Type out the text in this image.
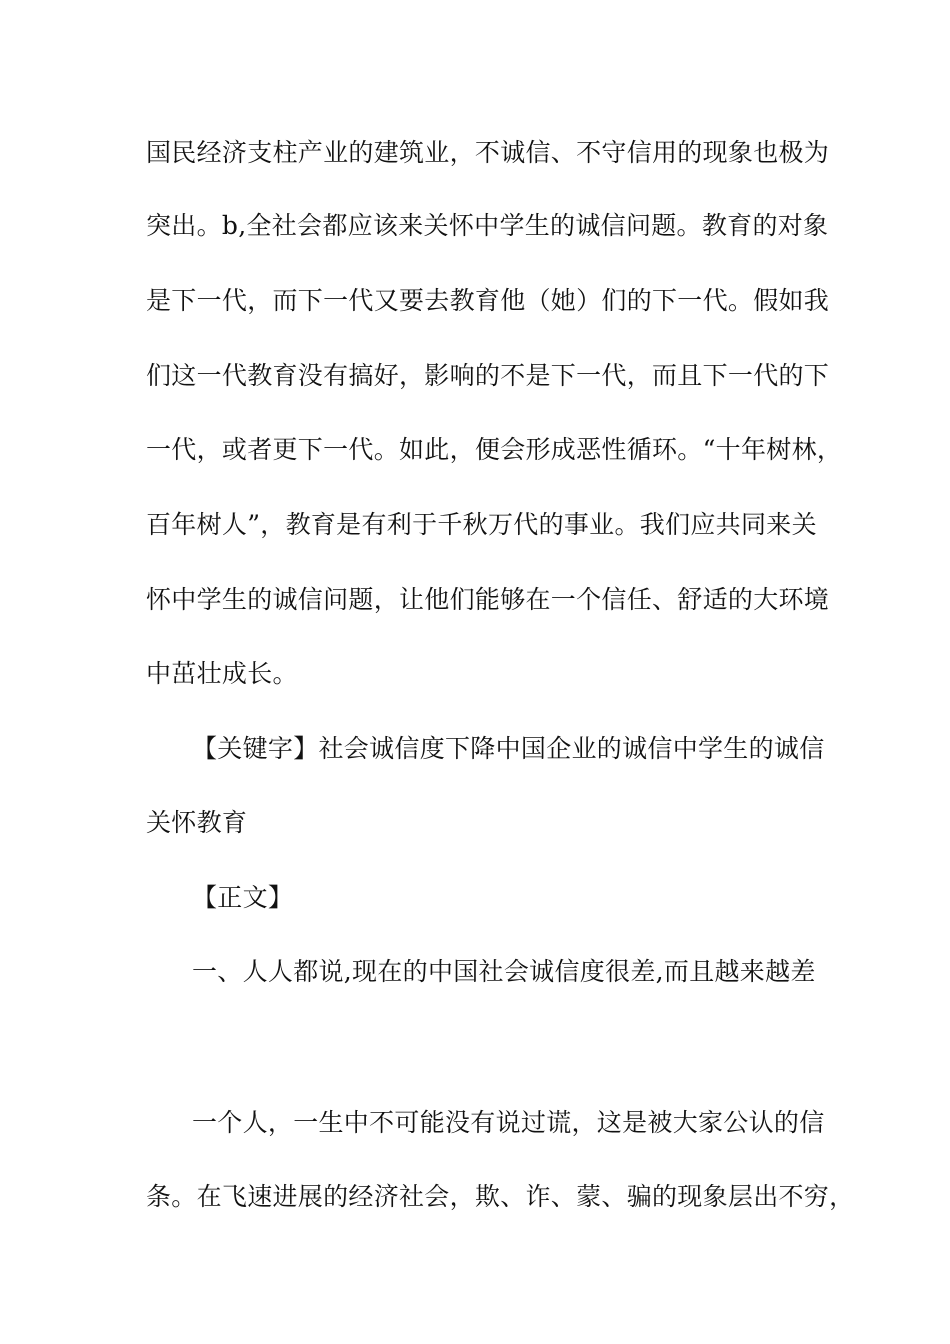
国民经济支柱产业的建筑业，不诚信、不守信用的现象也极为
突出。b,全社会都应该来关怀中学生的诚信问题。教育的对象
是下一代，而下一代又要去教育他（她）们的下一代。假如我
们这一代教育没有搞好，影响的不是下一代，而且下一代的下
一代，或者更下一代。如此，便会形成恶性循环。“十年树林，
百年树人”，教育是有利于千秋万代的事业。我们应共同来关
怀中学生的诚信问题，让他们能够在一个信任、舒适的大环境
中茁壮成长。
【关键字】社会诚信度下降中国企业的诚信中学生的诚信
关怀教育
【正文】
一、人人都说,现在的中国社会诚信度很差,而且越来越差
一个人，一生中不可能没有说过谎，这是被大家公认的信
条。在飞速进展的经济社会，欺、诈、蒙、骗的现象层出不穷，
